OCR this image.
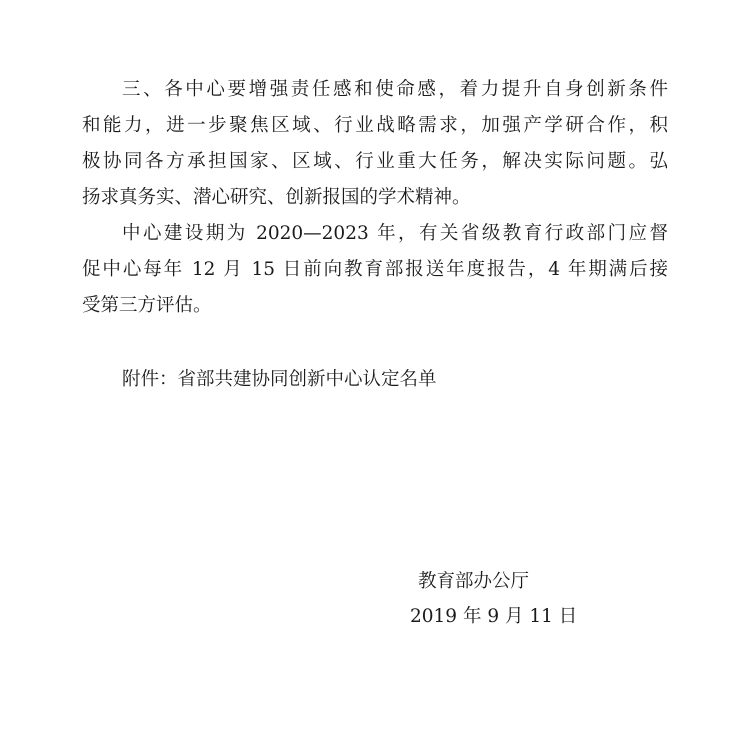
三、各中心要增强责任感和使命感，着力提升自身创新条件
和能力，进一步聚焦区域、行业战略需求，加强产学研合作，积
极协同各方承担国家、区域、行业重大任务，解决实际问题。弘
扬求真务实、潜心研究、创新报国的学术精神。
中心建设期为 2020—2023 年，有关省级教育行政部门应督
促中心每年 12 月 15 日前向教育部报送年度报告，4 年期满后接
受第三方评估。
附件：省部共建协同创新中心认定名单
教育部办公厅
2019 年 9 月 11 日
